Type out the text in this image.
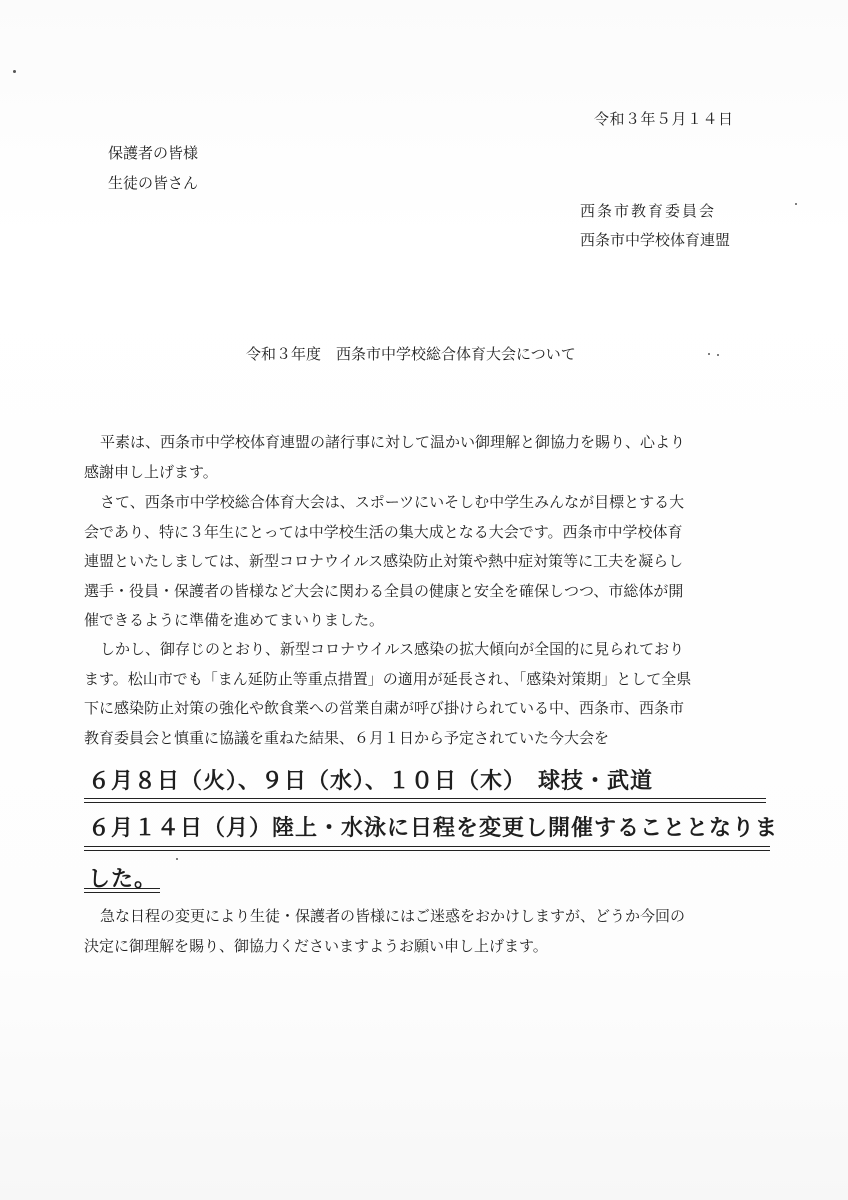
令和３年５月１４日
保護者の皆様
生徒の皆さん
西条市教育委員会
西条市中学校体育連盟
令和３年度　西条市中学校総合体育大会について
平素は、西条市中学校体育連盟の諸行事に対して温かい御理解と御協力を賜り、心より
感謝申し上げます。
さて、西条市中学校総合体育大会は、スポーツにいそしむ中学生みんなが目標とする大
会であり、特に３年生にとっては中学校生活の集大成となる大会です。西条市中学校体育
連盟といたしましては、新型コロナウイルス感染防止対策や熱中症対策等に工夫を凝らし
選手・役員・保護者の皆様など大会に関わる全員の健康と安全を確保しつつ、市総体が開
催できるように準備を進めてまいりました。
しかし、御存じのとおり、新型コロナウイルス感染の拡大傾向が全国的に見られており
ます。松山市でも「まん延防止等重点措置」の適用が延長され、「感染対策期」として全県
下に感染防止対策の強化や飲食業への営業自粛が呼び掛けられている中、西条市、西条市
教育委員会と慎重に協議を重ねた結果、６月１日から予定されていた今大会を
６月８日（火）、９日（水）、１０日（木）　球技・武道
６月１４日（月）陸上・水泳に日程を変更し開催することとなりま
した。
急な日程の変更により生徒・保護者の皆様にはご迷惑をおかけしますが、どうか今回の
決定に御理解を賜り、御協力くださいますようお願い申し上げます。
